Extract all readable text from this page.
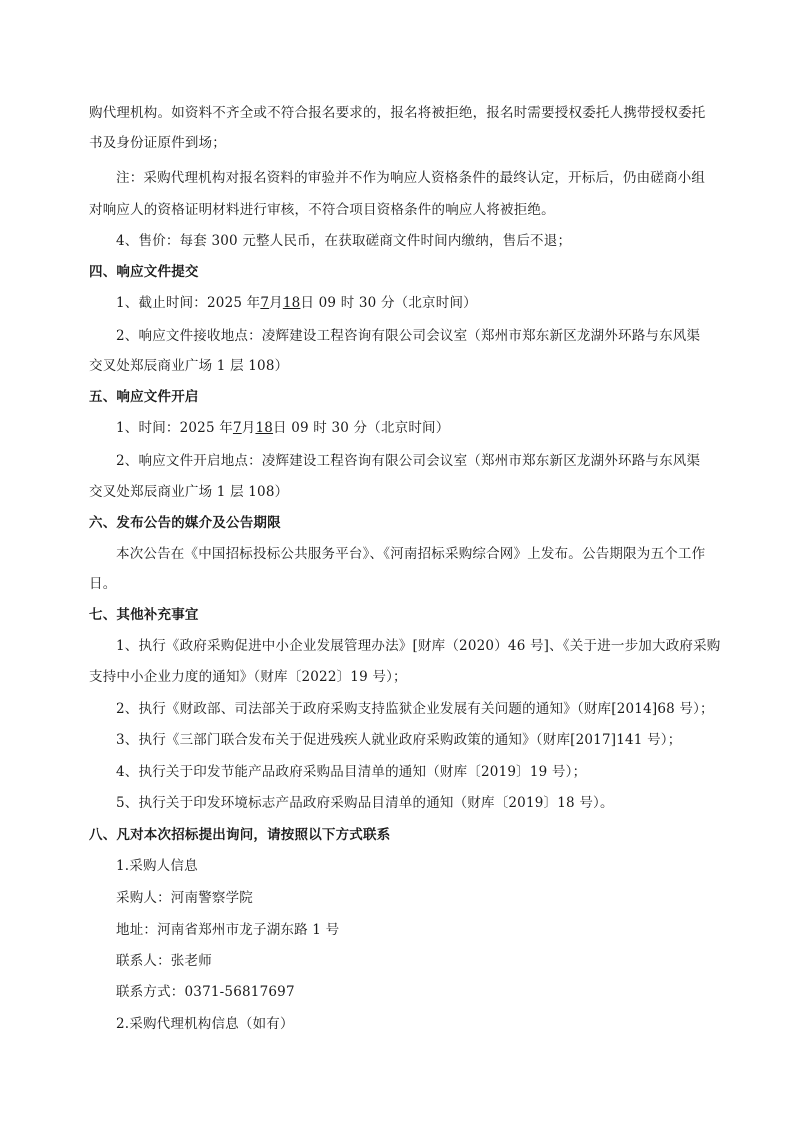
购代理机构。如资料不齐全或不符合报名要求的，报名将被拒绝，报名时需要授权委托人携带授权委托
书及身份证原件到场；
注：采购代理机构对报名资料的审验并不作为响应人资格条件的最终认定，开标后，仍由磋商小组
对响应人的资格证明材料进行审核，不符合项目资格条件的响应人将被拒绝。
4、售价：每套 300 元整人民币，在获取磋商文件时间内缴纳，售后不退；
四、响应文件提交
1、截止时间：2025 年7月18日 09 时 30 分（北京时间）
2、响应文件接收地点：凌辉建设工程咨询有限公司会议室（郑州市郑东新区龙湖外环路与东风渠
交叉处郑辰商业广场 1 层 108）
五、响应文件开启
1、时间：2025 年7月18日 09 时 30 分（北京时间）
2、响应文件开启地点：凌辉建设工程咨询有限公司会议室（郑州市郑东新区龙湖外环路与东风渠
交叉处郑辰商业广场 1 层 108）
六、发布公告的媒介及公告期限
本次公告在《中国招标投标公共服务平台》、《河南招标采购综合网》上发布。公告期限为五个工作
日。
七、其他补充事宜
1、执行《政府采购促进中小企业发展管理办法》[财库（2020）46 号]、《关于进一步加大政府采购
支持中小企业力度的通知》（财库〔2022〕19 号）；
2、执行《财政部、司法部关于政府采购支持监狱企业发展有关问题的通知》（财库[2014]68 号）；
3、执行《三部门联合发布关于促进残疾人就业政府采购政策的通知》（财库[2017]141 号）；
4、执行关于印发节能产品政府采购品目清单的通知（财库〔2019〕19 号）；
5、执行关于印发环境标志产品政府采购品目清单的通知（财库〔2019〕18 号）。
八、凡对本次招标提出询问，请按照以下方式联系
1.采购人信息
采购人：河南警察学院
地址：河南省郑州市龙子湖东路 1 号
联系人：张老师
联系方式：0371-56817697
2.采购代理机构信息（如有）
